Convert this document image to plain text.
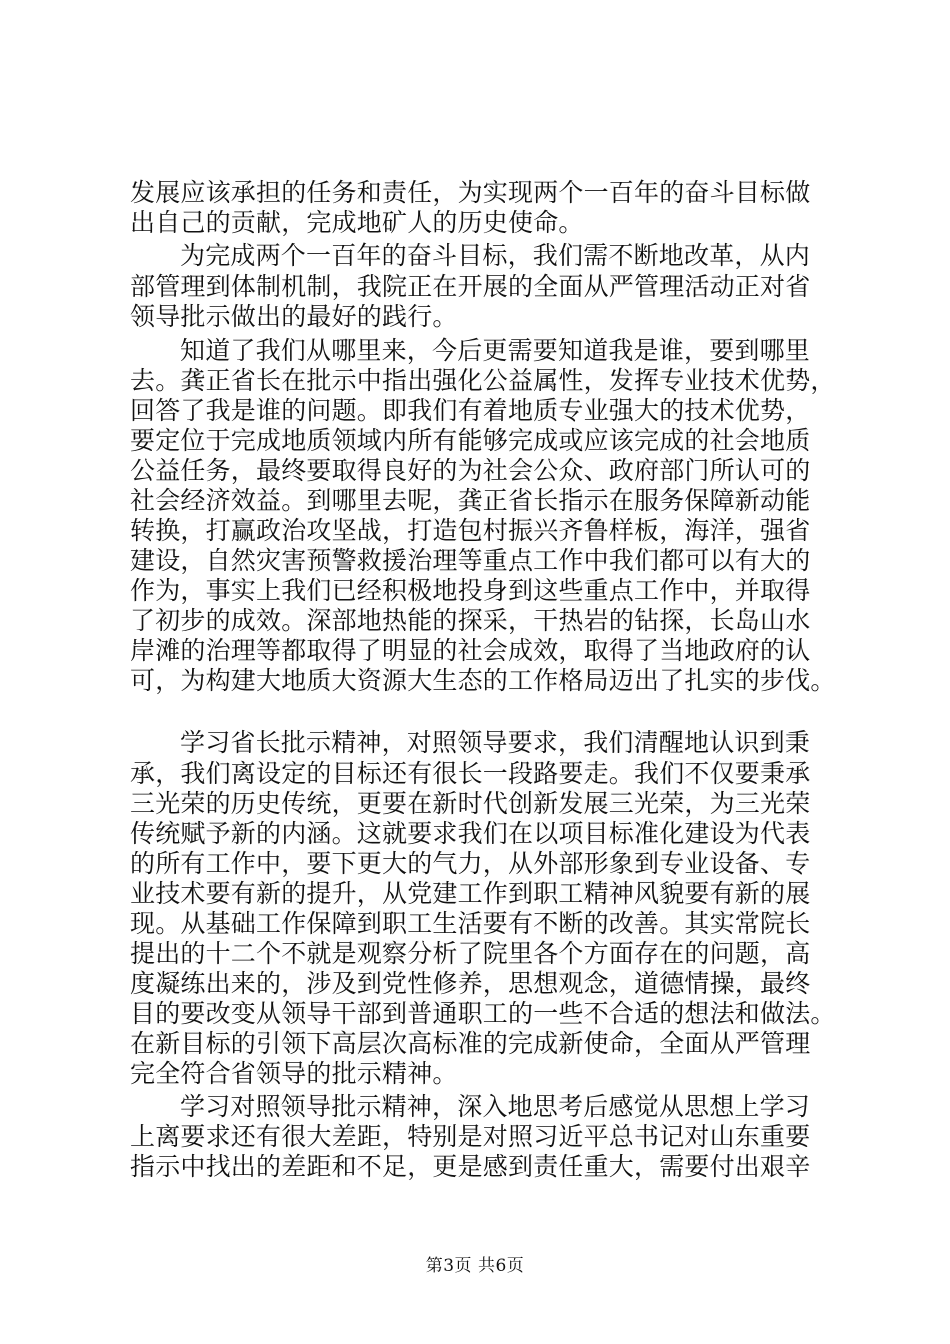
发展应该承担的任务和责任，为实现两个一百年的奋斗目标做
出自己的贡献，完成地矿人的历史使命。
为完成两个一百年的奋斗目标，我们需不断地改革，从内
部管理到体制机制，我院正在开展的全面从严管理活动正对省
领导批示做出的最好的践行。
知道了我们从哪里来，今后更需要知道我是谁，要到哪里
去。龚正省长在批示中指出强化公益属性，发挥专业技术优势，
回答了我是谁的问题。即我们有着地质专业强大的技术优势，
要定位于完成地质领域内所有能够完成或应该完成的社会地质
公益任务，最终要取得良好的为社会公众、政府部门所认可的
社会经济效益。到哪里去呢，龚正省长指示在服务保障新动能
转换，打赢政治攻坚战，打造包村振兴齐鲁样板，海洋，强省
建设，自然灾害预警救援治理等重点工作中我们都可以有大的
作为，事实上我们已经积极地投身到这些重点工作中，并取得
了初步的成效。深部地热能的探采，干热岩的钻探，长岛山水
岸滩的治理等都取得了明显的社会成效，取得了当地政府的认
可，为构建大地质大资源大生态的工作格局迈出了扎实的步伐。
学习省长批示精神，对照领导要求，我们清醒地认识到秉
承，我们离设定的目标还有很长一段路要走。我们不仅要秉承
三光荣的历史传统，更要在新时代创新发展三光荣，为三光荣
传统赋予新的内涵。这就要求我们在以项目标准化建设为代表
的所有工作中，要下更大的气力，从外部形象到专业设备、专
业技术要有新的提升，从党建工作到职工精神风貌要有新的展
现。从基础工作保障到职工生活要有不断的改善。其实常院长
提出的十二个不就是观察分析了院里各个方面存在的问题，高
度凝练出来的，涉及到党性修养，思想观念，道德情操，最终
目的要改变从领导干部到普通职工的一些不合适的想法和做法。
在新目标的引领下高层次高标准的完成新使命，全面从严管理
完全符合省领导的批示精神。
学习对照领导批示精神，深入地思考后感觉从思想上学习
上离要求还有很大差距，特别是对照习近平总书记对山东重要
指示中找出的差距和不足，更是感到责任重大，需要付出艰辛
第3页 共6页
